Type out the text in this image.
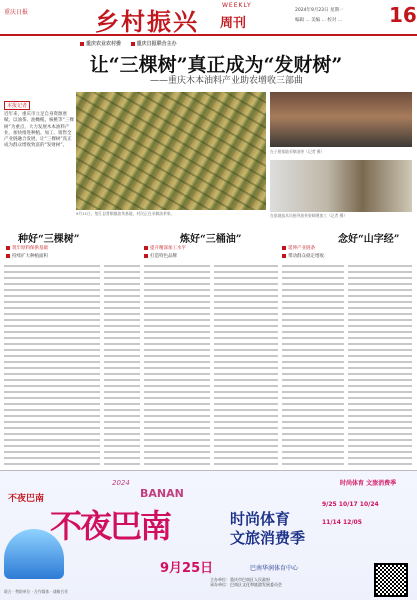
重庆日报	乡村振兴
WEEKLY
周刊
2024年9月23日 星期一
编辑 ... 美编 ... 校对 ... 16
重庆农业农村委	重庆日报联合主办
让“三棵树”真正成为“发财树”
——重庆木本油料产业助农增收三部曲
本报记者

近年来，重庆市立足自身资源禀赋，以油茶、油橄榄、核桃等“三棵树”为重点，大力发展木本油料产业，加快推进种植、加工、销售全产业链融合发展，让“三棵树”真正成为群众增收致富的“发财树”。

9月11日，垫江县普顺镇油茶基地，村民正在采摘油茶果。
在子柑基地采摘油茶（记者 摄）
在基地技术员指导油茶果晾晒加工（记者 摄）
种好“三棵树”
筑牢原料保供基础
持续扩大种植面积
炼好“三桶油”
提升精深加工水平
打造特色品牌
念好“山字经”
延伸产业链条
带动群众稳定增收
不夜巴南
2024
BANAN
不夜巴南	时尚体育
文旅消费季
时尚体育 文旅消费季
9/25 10/17 10/24
11/14 12/05
9月25日	巴南华润体育中心
主办单位：重庆市巴南区人民政府
承办单位：巴南区文化和旅游发展委员会
联合 · 赞助单位 · 合作媒体 · 战略合作
